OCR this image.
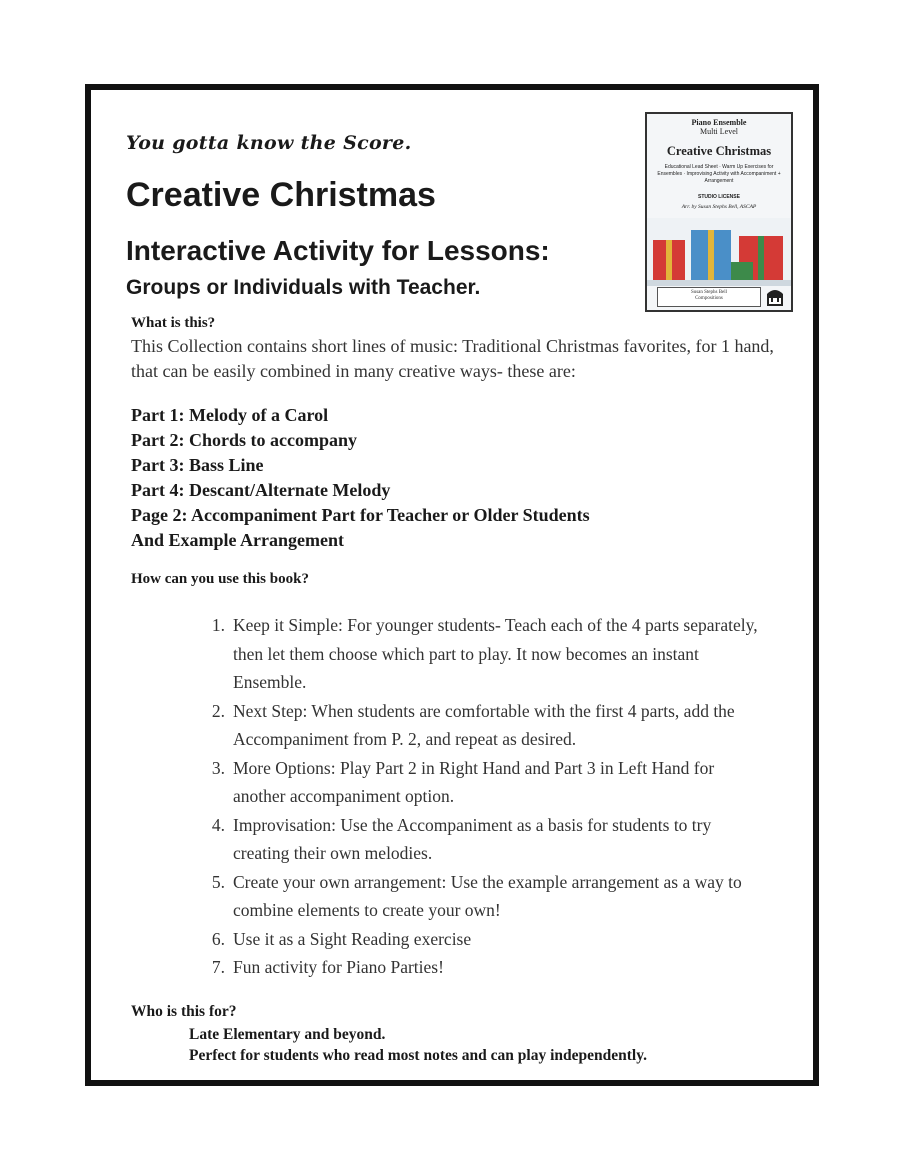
You gotta know the Score.
Creative Christmas
Interactive Activity for Lessons:
Groups or Individuals with Teacher.
Piano Ensemble
Multi Level
Creative Christmas
Educational Lead Sheet · Warm Up Exercises for Ensembles · Improvising Activity with Accompaniment + Arrangement
STUDIO LICENSE
Arr. by Susan Stephs Bell, ASCAP
Susan Stephs Bell
Compositions
What is this?
This Collection contains short lines of music: Traditional Christmas favorites, for 1 hand, that can be easily combined in many creative ways- these are:
Part 1: Melody of a Carol
Part 2: Chords to accompany
Part 3: Bass Line
Part 4: Descant/Alternate Melody
Page 2: Accompaniment Part for Teacher or Older Students
And Example Arrangement
How can you use this book?
1. Keep it Simple: For younger students- Teach each of the 4 parts separately, then let them choose which part to play. It now becomes an instant Ensemble.
2. Next Step: When students are comfortable with the first 4 parts, add the Accompaniment from P. 2, and repeat as desired.
3. More Options: Play Part 2 in Right Hand and Part 3 in Left Hand for another accompaniment option.
4. Improvisation: Use the Accompaniment as a basis for students to try creating their own melodies.
5. Create your own arrangement: Use the example arrangement as a way to combine elements to create your own!
6. Use it as a Sight Reading exercise
7. Fun activity for Piano Parties!
Who is this for?
Late Elementary and beyond.
Perfect for students who read most notes and can play independently.
